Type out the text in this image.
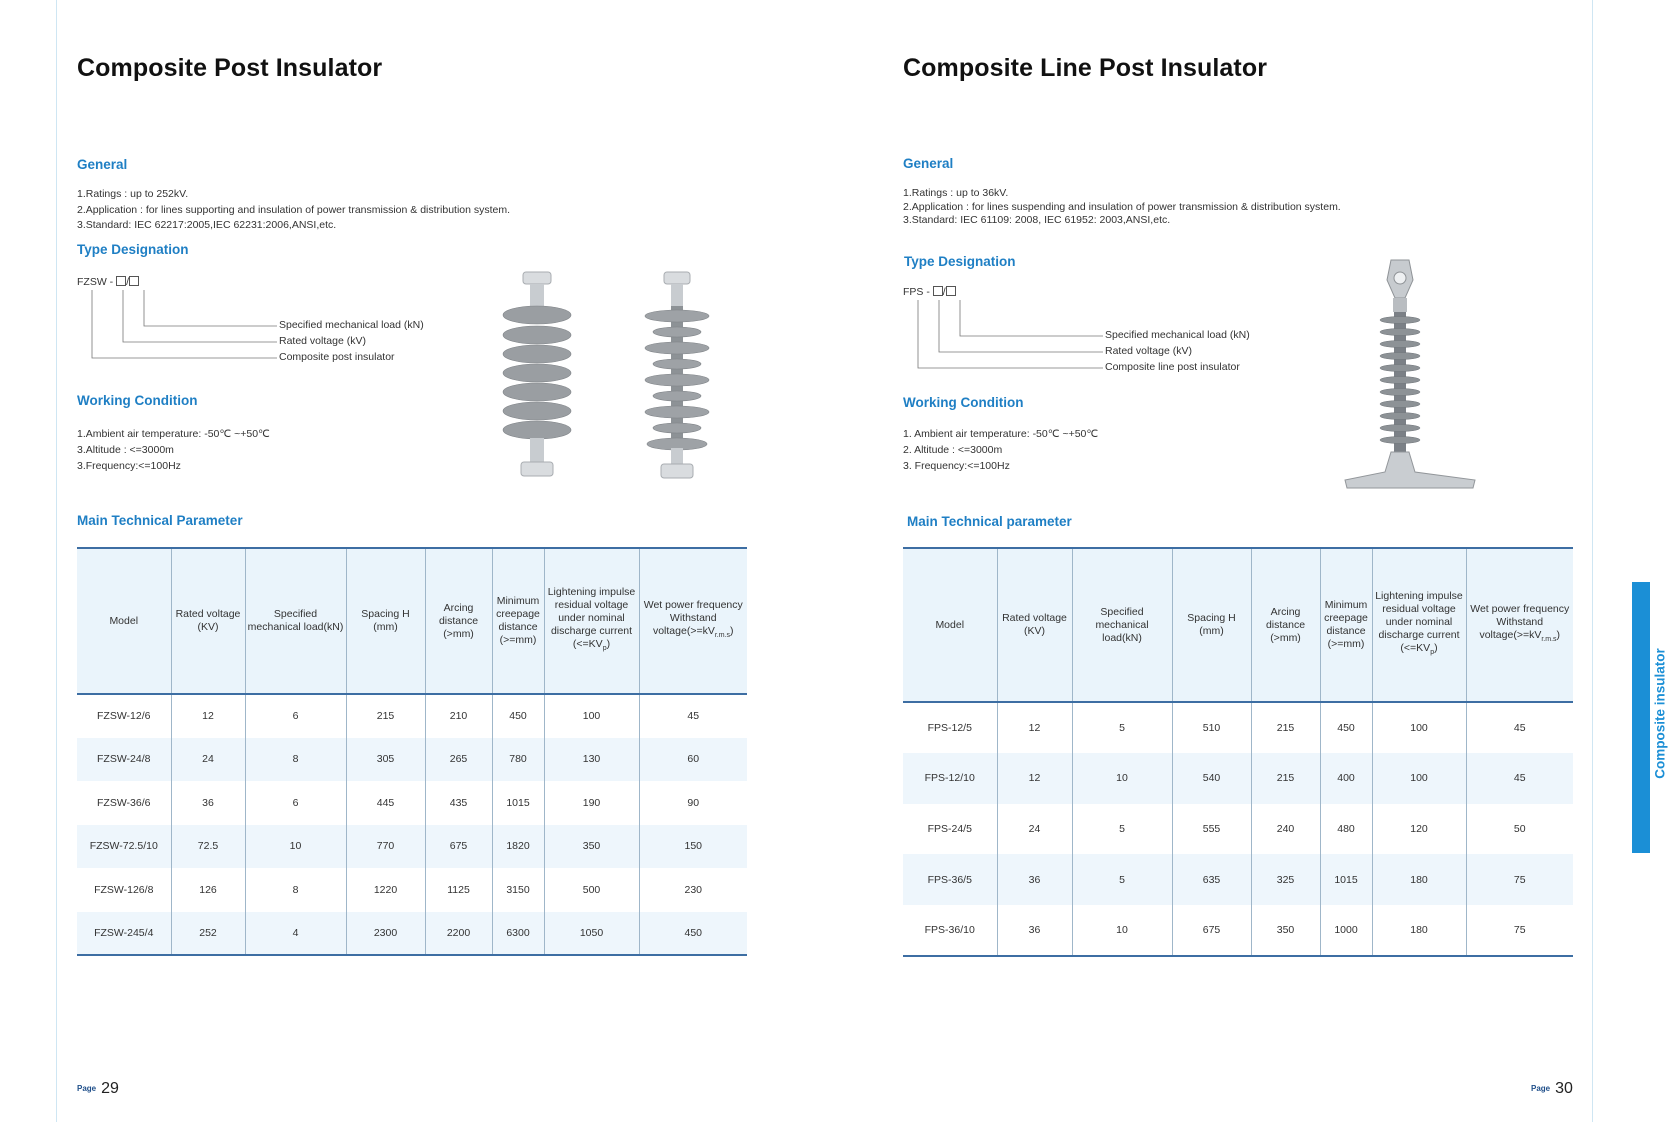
Composite Post Insulator
General
1.Ratings : up to 252kV.
2.Application : for lines supporting and insulation of power transmission & distribution system.
3.Standard: IEC 62217:2005,IEC 62231:2006,ANSI,etc.
Type Designation
FZSW - /
Specified mechanical load (kN)
Rated voltage (kV)
Composite post insulator
Working Condition
1.Ambient air temperature: -50℃ ~+50℃
3.Altitude : <=3000m
3.Frequency:<=100Hz
Main Technical Parameter
Model	Rated voltage (KV)	Specified mechanical load(kN)	Spacing H (mm)	Arcing distance (>mm)	Minimum creepage distance (>=mm)	Lightening impulse residual voltage under nominal discharge current $(<=KV_p)$	Wet power frequency Withstand $voltage(>=kV_{r.m.s})$
FZSW-12/6	12	6	215	210	450	100	45
FZSW-24/8	24	8	305	265	780	130	60
FZSW-36/6	36	6	445	435	1015	190	90
FZSW-72.5/10	72.5	10	770	675	1820	350	150
FZSW-126/8	126	8	1220	1125	3150	500	230
FZSW-245/4	252	4	2300	2200	6300	1050	450
Page 29
Composite Line Post Insulator
General
1.Ratings : up to 36kV.
2.Application : for lines suspending and insulation of power transmission & distribution system.
3.Standard: IEC 61109: 2008, IEC 61952: 2003,ANSI,etc.
Type Designation
FPS - /
Specified mechanical load (kN)
Rated voltage (kV)
Composite line post insulator
Working Condition
1. Ambient air temperature: -50℃ ~+50℃
2. Altitude : <=3000m
3. Frequency:<=100Hz
Main Technical parameter
Model	Rated voltage (KV)	Specified mechanical load(kN)	Spacing H (mm)	Arcing distance (>mm)	Minimum creepage distance (>=mm)	Lightening impulse residual voltage under nominal discharge current $(<=KV_p)$	Wet power frequency Withstand $voltage(>=kV_{r.m.s})$
FPS-12/5	12	5	510	215	450	100	45
FPS-12/10	12	10	540	215	400	100	45
FPS-24/5	24	5	555	240	480	120	50
FPS-36/5	36	5	635	325	1015	180	75
FPS-36/10	36	10	675	350	1000	180	75
Page 30
Composite insulator
